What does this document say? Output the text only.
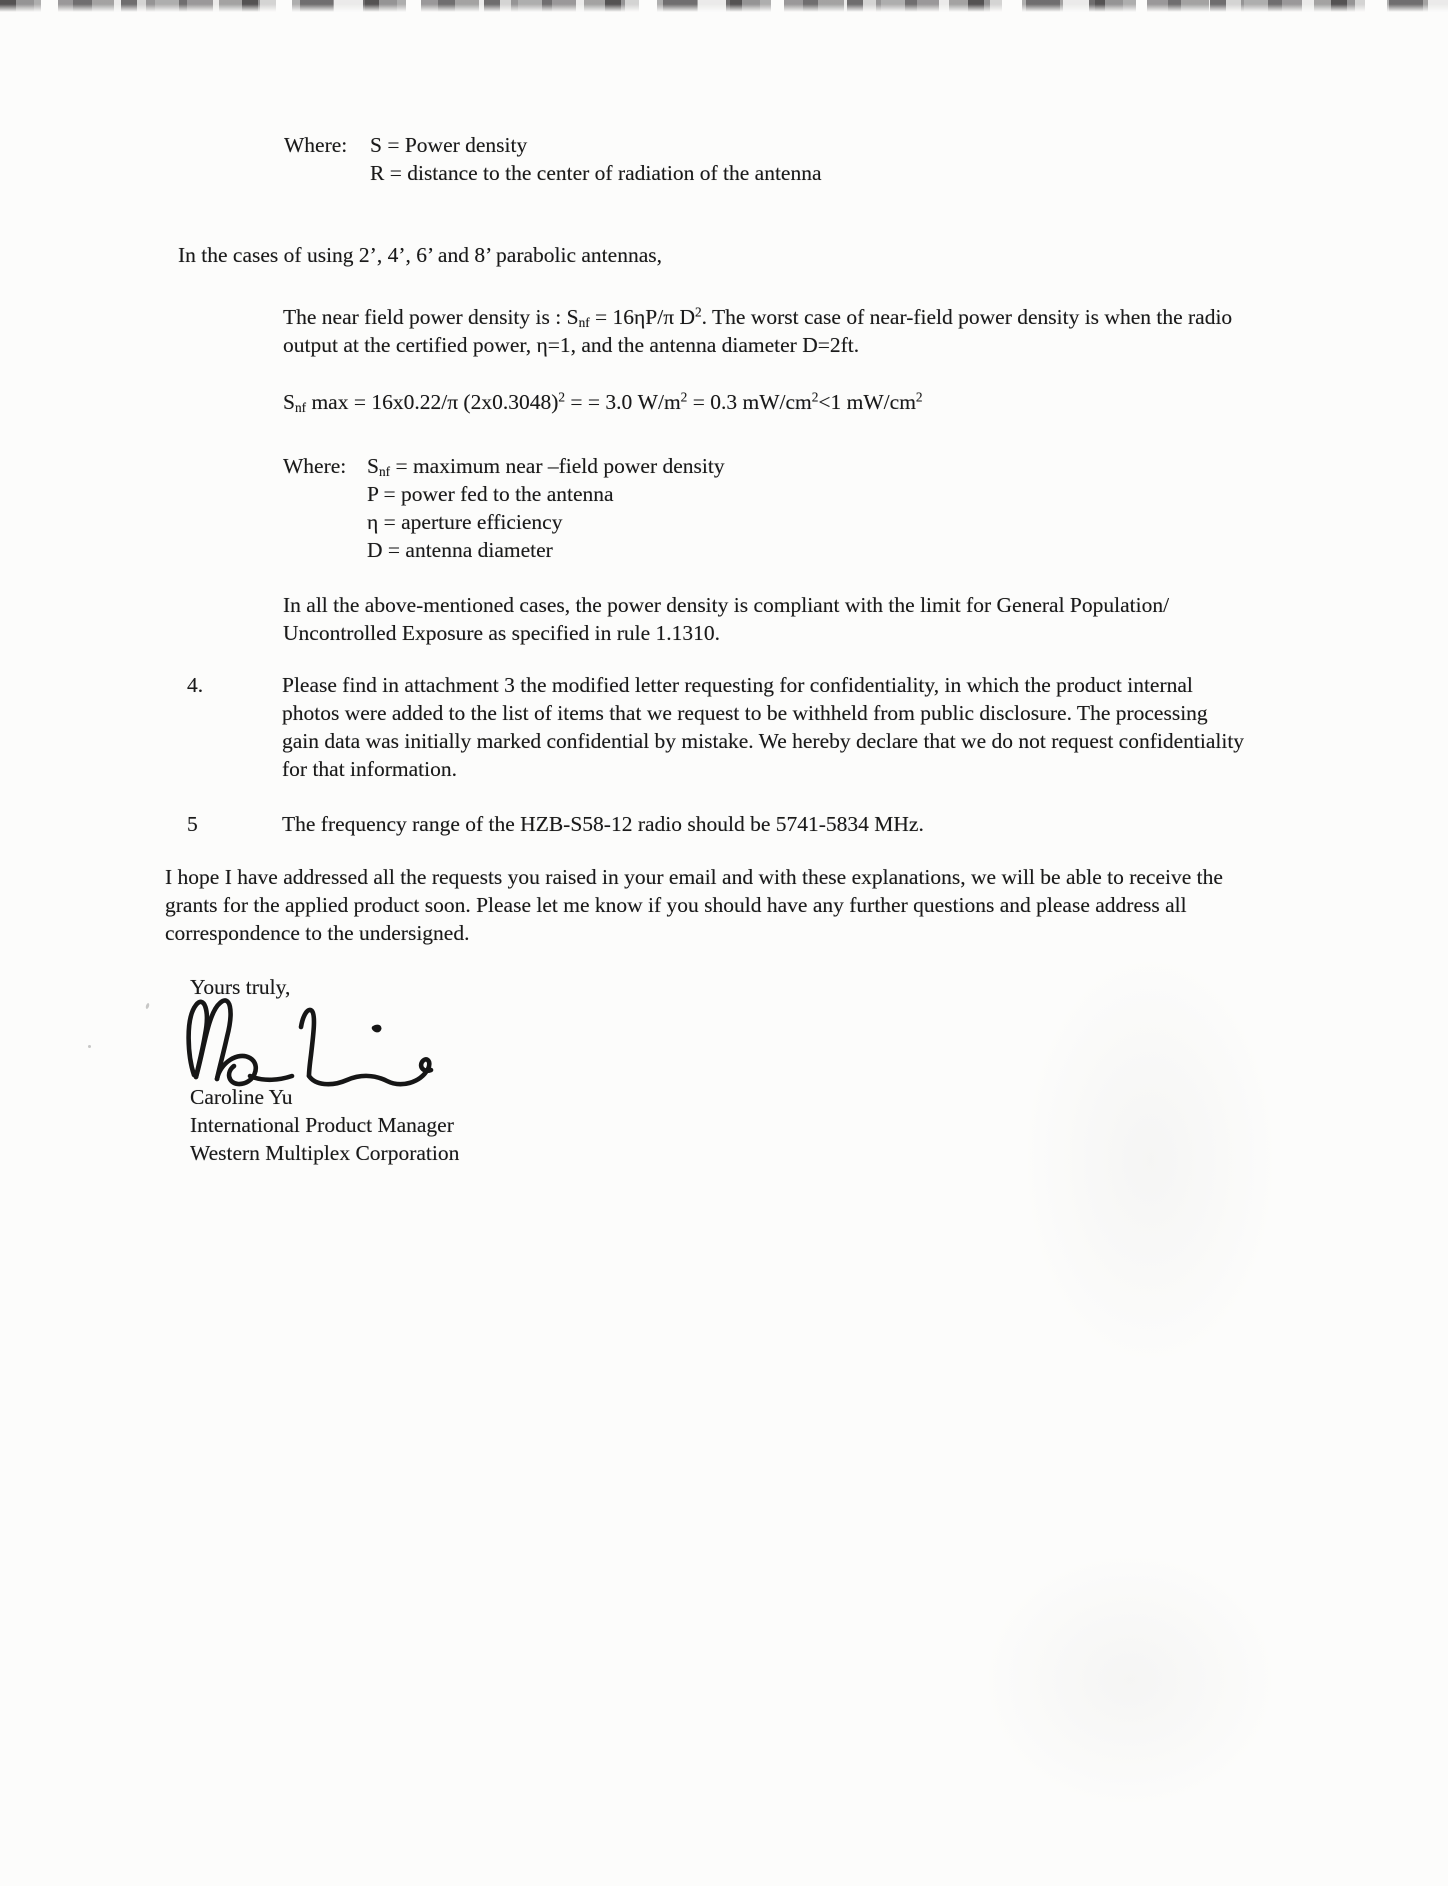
Where:	S = Power density
R = distance to the center of radiation of the antenna
In the cases of using 2’, 4’, 6’ and 8’ parabolic antennas,
The near field power density is : $S_{nf} = 16\eta P/\pi$ $D^2$. The worst case of near-field power density is when the radio output at the certified power, η=1, and the antenna diameter D=2ft.
$S_{nf}$ max = 16x0.22/π $(2x0.3048)^2$ = = 3.0 $W/m^2 = 0.3$ $mW/cm^2<1$ $mW/cm^2$
Where: $S_{nf}$ = maximum near –field power density
P = power fed to the antenna
η = aperture efficiency
D = antenna diameter
In all the above-mentioned cases, the power density is compliant with the limit for General Population/ Uncontrolled Exposure as specified in rule 1.1310.
4.	Please find in attachment 3 the modified letter requesting for confidentiality, in which the product internal photos were added to the list of items that we request to be withheld from public disclosure. The processing gain data was initially marked confidential by mistake. We hereby declare that we do not request confidentiality for that information.
5	The frequency range of the HZB-S58-12 radio should be 5741-5834 MHz.
I hope I have addressed all the requests you raised in your email and with these explanations, we will be able to receive the grants for the applied product soon. Please let me know if you should have any further questions and please address all correspondence to the undersigned.
Yours truly,
Caroline Yu
International Product Manager
Western Multiplex Corporation
